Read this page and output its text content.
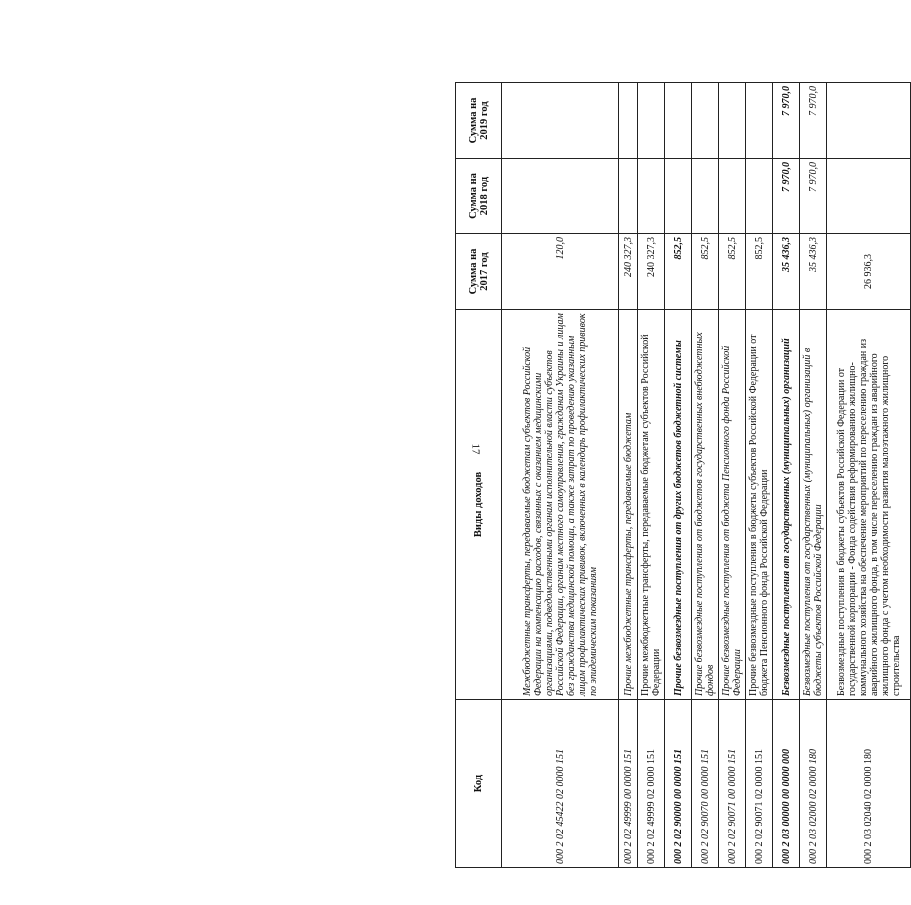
17
Код	Виды доходов	Сумма на 2017 год	Сумма на 2018 год	Сумма на 2019 год
000 2 02 45422 02 0000 151	Межбюджетные трансферты, передаваемые бюджетам субъектов Российской Федерации на компенсацию расходов, связанных с оказанием медицинскими организациями, подведомственными органам исполнительной власти субъектов Российской Федерации, органам местного самоуправления, гражданам Украины и лицам без гражданства медицинской помощи, а также затрат по проведению указанным лицам профилактических прививок, включенных в календарь профилактических прививок по эпидемическим показаниям	120,0		
000 2 02 49999 00 0000 151	Прочие межбюджетные трансферты, передаваемые бюджетам	240 327,3		
000 2 02 49999 02 0000 151	Прочие межбюджетные трансферты, передаваемые бюджетам субъектов Российской Федерации	240 327,3		
000 2 02 90000 00 0000 151	Прочие безвозмездные поступления от других бюджетов бюджетной системы	852,5		
000 2 02 90070 00 0000 151	Прочие безвозмездные поступления от бюджетов государственных внебюджетных фондов	852,5		
000 2 02 90071 00 0000 151	Прочие безвозмездные поступления от бюджета Пенсионного фонда Российской Федерации	852,5		
000 2 02 90071 02 0000 151	Прочие безвозмездные поступления в бюджеты субъектов Российской Федерации от бюджета Пенсионного фонда Российской Федерации	852,5		
000 2 03 00000 00 0000 000	Безвозмездные поступления от государственных (муниципальных) организаций	35 436,3	7 970,0	7 970,0
000 2 03 02000 02 0000 180	Безвозмездные поступления от государственных (муниципальных) организаций в бюджеты субъектов Российской Федерации	35 436,3	7 970,0	7 970,0
000 2 03 02040 02 0000 180	Безвозмездные поступления в бюджеты субъектов Российской Федерации от государственной корпорации - Фонда содействия реформированию жилищно-коммунального хозяйства на обеспечение мероприятий по переселению граждан из аварийного жилищного фонда, в том числе переселению граждан из аварийного жилищного фонда с учетом необходимости развития малоэтажного жилищного строительства	26 936,3		
